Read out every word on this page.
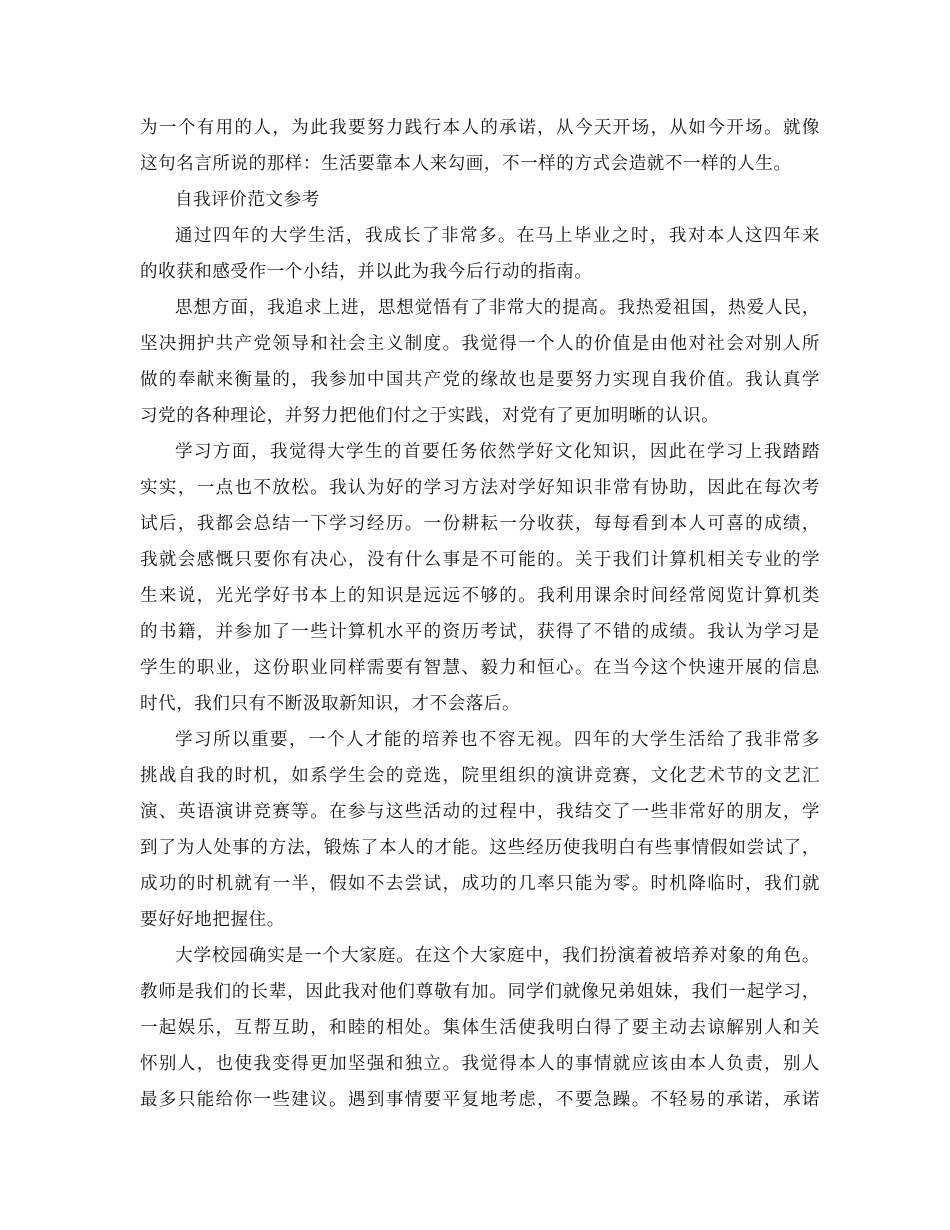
为一个有用的人，为此我要努力践行本人的承诺，从今天开场，从如今开场。就像
这句名言所说的那样：生活要靠本人来勾画，不一样的方式会造就不一样的人生。

自我评价范文参考

通过四年的大学生活，我成长了非常多。在马上毕业之时，我对本人这四年来
的收获和感受作一个小结，并以此为我今后行动的指南。

思想方面，我追求上进，思想觉悟有了非常大的提高。我热爱祖国，热爱人民，
坚决拥护共产党领导和社会主义制度。我觉得一个人的价值是由他对社会对别人所
做的奉献来衡量的，我参加中国共产党的缘故也是要努力实现自我价值。我认真学
习党的各种理论，并努力把他们付之于实践，对党有了更加明晰的认识。

学习方面，我觉得大学生的首要任务依然学好文化知识，因此在学习上我踏踏
实实，一点也不放松。我认为好的学习方法对学好知识非常有协助，因此在每次考
试后，我都会总结一下学习经历。一份耕耘一分收获，每每看到本人可喜的成绩，
我就会感慨只要你有决心，没有什么事是不可能的。关于我们计算机相关专业的学
生来说，光光学好书本上的知识是远远不够的。我利用课余时间经常阅览计算机类
的书籍，并参加了一些计算机水平的资历考试，获得了不错的成绩。我认为学习是
学生的职业，这份职业同样需要有智慧、毅力和恒心。在当今这个快速开展的信息
时代，我们只有不断汲取新知识，才不会落后。

学习所以重要，一个人才能的培养也不容无视。四年的大学生活给了我非常多
挑战自我的时机，如系学生会的竞选，院里组织的演讲竞赛，文化艺术节的文艺汇
演、英语演讲竞赛等。在参与这些活动的过程中，我结交了一些非常好的朋友，学
到了为人处事的方法，锻炼了本人的才能。这些经历使我明白有些事情假如尝试了，
成功的时机就有一半，假如不去尝试，成功的几率只能为零。时机降临时，我们就
要好好地把握住。

大学校园确实是一个大家庭。在这个大家庭中，我们扮演着被培养对象的角色。
教师是我们的长辈，因此我对他们尊敬有加。同学们就像兄弟姐妹，我们一起学习，
一起娱乐，互帮互助，和睦的相处。集体生活使我明白得了要主动去谅解别人和关
怀别人，也使我变得更加坚强和独立。我觉得本人的事情就应该由本人负责，别人
最多只能给你一些建议。遇到事情要平复地考虑，不要急躁。不轻易的承诺，承诺
